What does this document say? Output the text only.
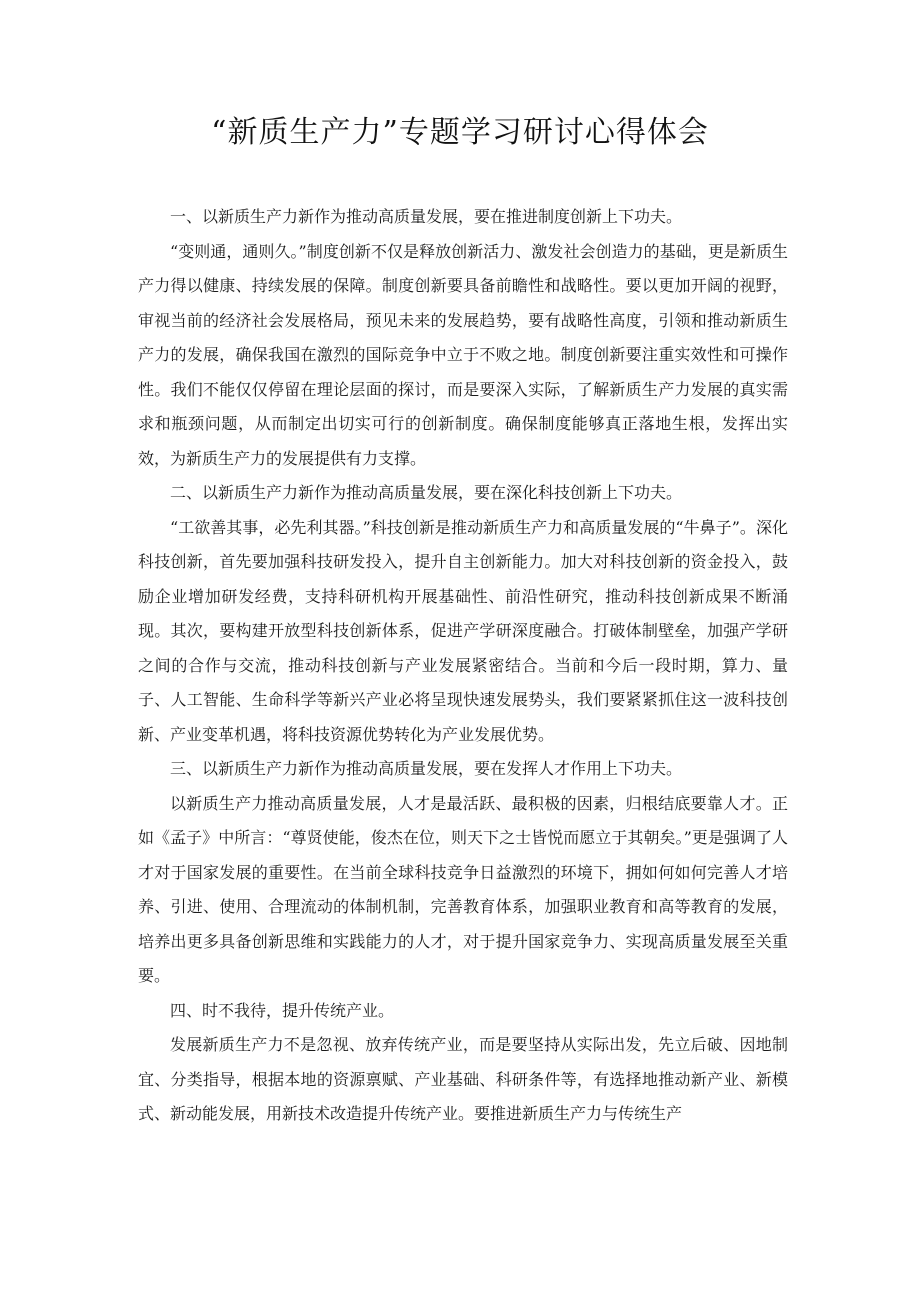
“新质生产力”专题学习研讨心得体会

一、以新质生产力新作为推动高质量发展，要在推进制度创新上下功夫。

“变则通，通则久。”制度创新不仅是释放创新活力、激发社会创造力的基础，更是新质生产力得以健康、持续发展的保障。制度创新要具备前瞻性和战略性。要以更加开阔的视野，审视当前的经济社会发展格局，预见未来的发展趋势，要有战略性高度，引领和推动新质生产力的发展，确保我国在激烈的国际竞争中立于不败之地。制度创新要注重实效性和可操作性。我们不能仅仅停留在理论层面的探讨，而是要深入实际，了解新质生产力发展的真实需求和瓶颈问题，从而制定出切实可行的创新制度。确保制度能够真正落地生根，发挥出实效，为新质生产力的发展提供有力支撑。

二、以新质生产力新作为推动高质量发展，要在深化科技创新上下功夫。

“工欲善其事，必先利其器。”科技创新是推动新质生产力和高质量发展的“牛鼻子”。深化科技创新，首先要加强科技研发投入，提升自主创新能力。加大对科技创新的资金投入，鼓励企业增加研发经费，支持科研机构开展基础性、前沿性研究，推动科技创新成果不断涌现。其次，要构建开放型科技创新体系，促进产学研深度融合。打破体制壁垒，加强产学研之间的合作与交流，推动科技创新与产业发展紧密结合。当前和今后一段时期，算力、量子、人工智能、生命科学等新兴产业必将呈现快速发展势头，我们要紧紧抓住这一波科技创新、产业变革机遇，将科技资源优势转化为产业发展优势。

三、以新质生产力新作为推动高质量发展，要在发挥人才作用上下功夫。

以新质生产力推动高质量发展，人才是最活跃、最积极的因素，归根结底要靠人才。正如《孟子》中所言：“尊贤使能，俊杰在位，则天下之士皆悦而愿立于其朝矣。”更是强调了人才对于国家发展的重要性。在当前全球科技竞争日益激烈的环境下，拥如何如何完善人才培养、引进、使用、合理流动的体制机制，完善教育体系，加强职业教育和高等教育的发展，培养出更多具备创新思维和实践能力的人才，对于提升国家竞争力、实现高质量发展至关重要。

四、时不我待，提升传统产业。

发展新质生产力不是忽视、放弃传统产业，而是要坚持从实际出发，先立后破、因地制宜、分类指导，根据本地的资源禀赋、产业基础、科研条件等，有选择地推动新产业、新模式、新动能发展，用新技术改造提升传统产业。要推进新质生产力与传统生产
